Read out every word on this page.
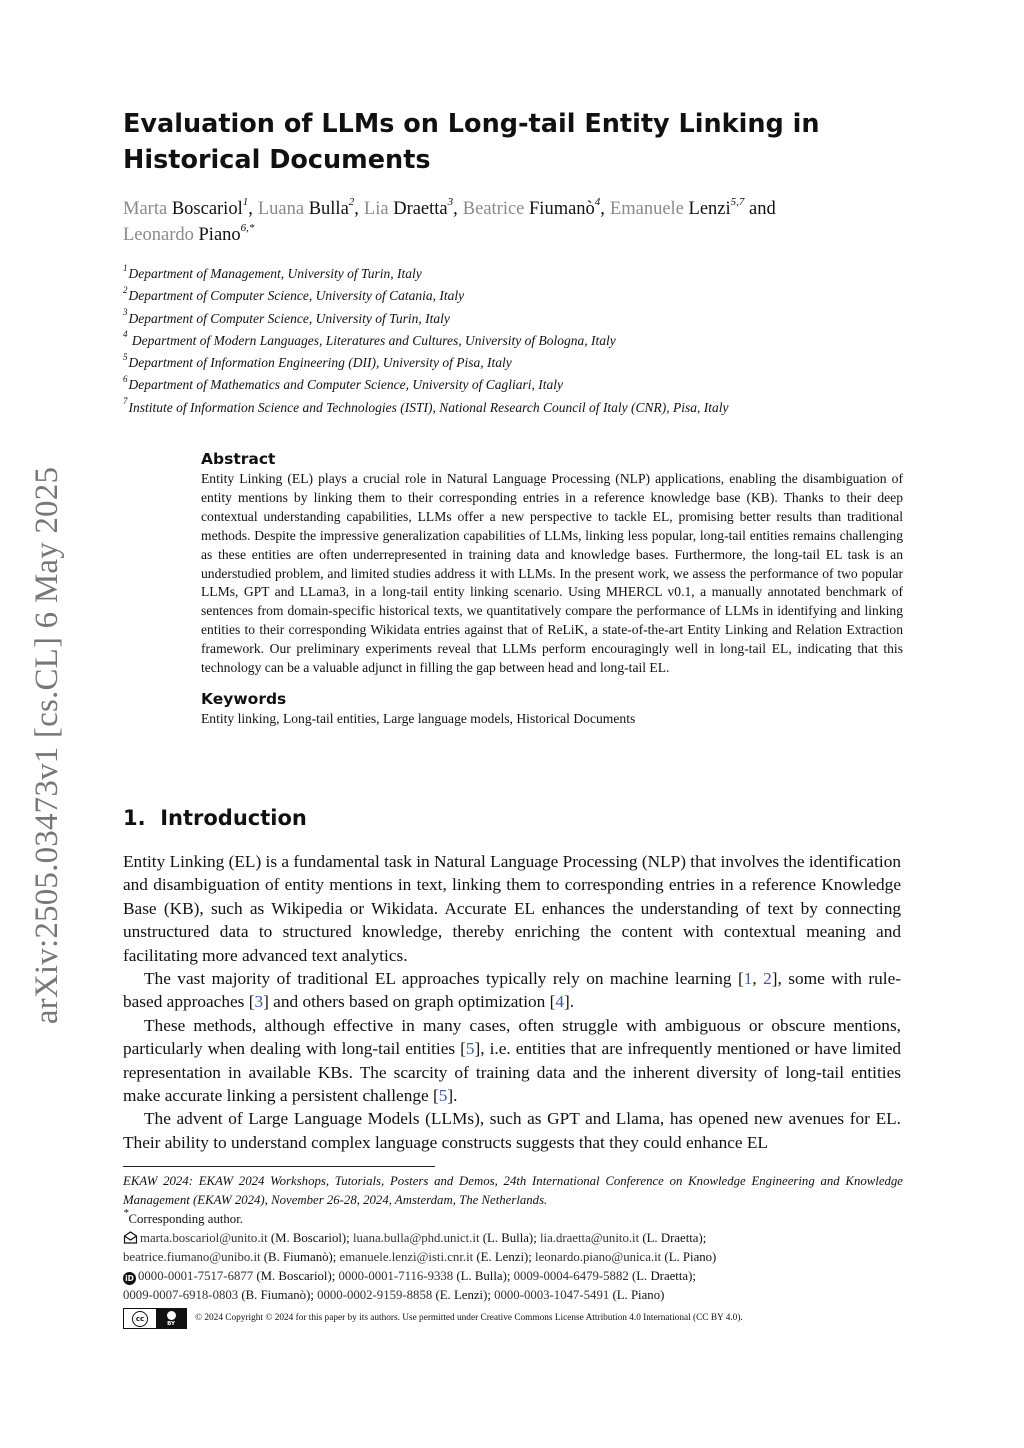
arXiv:2505.03473v1 [cs.CL] 6 May 2025
Evaluation of LLMs on Long-tail Entity Linking in Historical Documents
Marta Boscariol$^1$, Luana Bulla$^2$, Lia Draetta$^3$, Beatrice Fiumanò$^4$, Emanuele Lenzi$^{5,7}$ and
Leonardo Piano$^{6,*}$
$^1$Department of Management, University of Turin, Italy
$^2$Department of Computer Science, University of Catania, Italy
$^3$Department of Computer Science, University of Turin, Italy
$^4$ Department of Modern Languages, Literatures and Cultures, University of Bologna, Italy
$^5$Department of Information Engineering (DII), University of Pisa, Italy
$^6$Department of Mathematics and Computer Science, University of Cagliari, Italy
$^7$Institute of Information Science and Technologies (ISTI), National Research Council of Italy (CNR), Pisa, Italy
Abstract

Entity Linking (EL) plays a crucial role in Natural Language Processing (NLP) applications, enabling the disambiguation of entity mentions by linking them to their corresponding entries in a reference knowledge base (KB). Thanks to their deep contextual understanding capabilities, LLMs offer a new perspective to tackle EL, promising better results than traditional methods. Despite the impressive generalization capabilities of LLMs, linking less popular, long-tail entities remains challenging as these entities are often underrepresented in training data and knowledge bases. Furthermore, the long-tail EL task is an understudied problem, and limited studies address it with LLMs. In the present work, we assess the performance of two popular LLMs, GPT and LLama3, in a long-tail entity linking scenario. Using MHERCL v0.1, a manually annotated benchmark of sentences from domain-specific historical texts, we quantitatively compare the performance of LLMs in identifying and linking entities to their corresponding Wikidata entries against that of ReLiK, a state-of-the-art Entity Linking and Relation Extraction framework. Our preliminary experiments reveal that LLMs perform encouragingly well in long-tail EL, indicating that this technology can be a valuable adjunct in filling the gap between head and long-tail EL.

Keywords

Entity linking, Long-tail entities, Large language models, Historical Documents

1. Introduction

Entity Linking (EL) is a fundamental task in Natural Language Processing (NLP) that involves the identification and disambiguation of entity mentions in text, linking them to corresponding entries in a reference Knowledge Base (KB), such as Wikipedia or Wikidata. Accurate EL enhances the understanding of text by connecting unstructured data to structured knowledge, thereby enriching the content with contextual meaning and facilitating more advanced text analytics.

The vast majority of traditional EL approaches typically rely on machine learning [1, 2], some with rule-based approaches [3] and others based on graph optimization [4].

These methods, although effective in many cases, often struggle with ambiguous or obscure mentions, particularly when dealing with long-tail entities [5], i.e. entities that are infrequently mentioned or have limited representation in available KBs. The scarcity of training data and the inherent diversity of long-tail entities make accurate linking a persistent challenge [5].

The advent of Large Language Models (LLMs), such as GPT and Llama, has opened new avenues for EL. Their ability to understand complex language constructs suggests that they could enhance EL

EKAW 2024: EKAW 2024 Workshops, Tutorials, Posters and Demos, 24th International Conference on Knowledge Engineering and Knowledge Management (EKAW 2024), November 26-28, 2024, Amsterdam, The Netherlands.

*Corresponding author.

marta.boscariol@unito.it (M. Boscariol); luana.bulla@phd.unict.it (L. Bulla); lia.draetta@unito.it (L. Draetta);

beatrice.fiumano@unibo.it (B. Fiumanò); emanuele.lenzi@isti.cnr.it (E. Lenzi); leonardo.piano@unica.it (L. Piano)

iD 0000-0001-7517-6877 (M. Boscariol); 0000-0001-7116-9338 (L. Bulla); 0009-0004-6479-5882 (L. Draetta);

0009-0007-6918-0803 (B. Fiumanò); 0000-0002-9159-8858 (E. Lenzi); 0000-0003-1047-5491 (L. Piano)

cc
BY
© 2024 Copyright © 2024 for this paper by its authors. Use permitted under Creative Commons License Attribution 4.0 International (CC BY 4.0).
